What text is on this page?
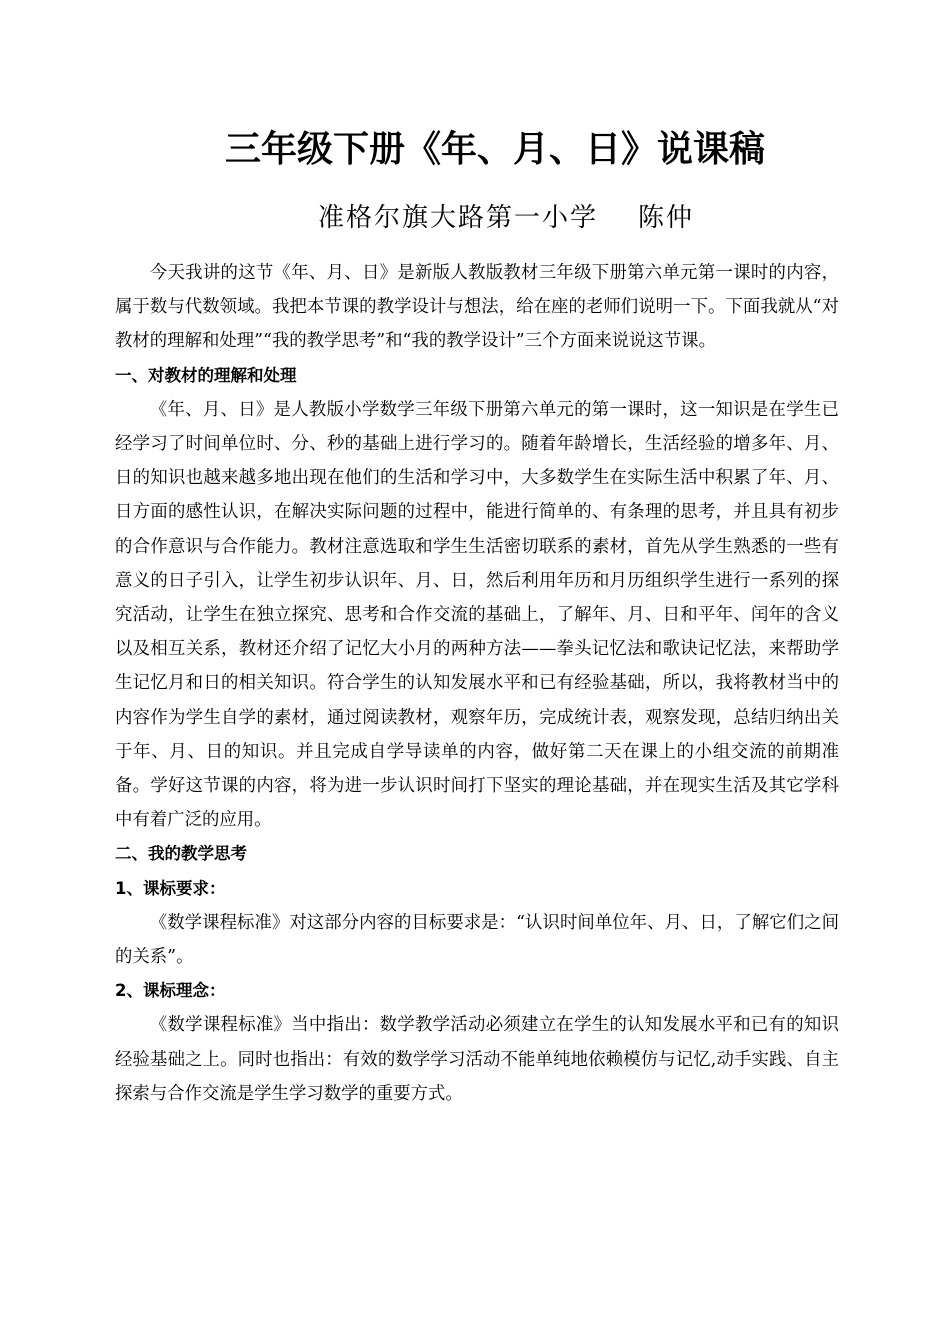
三年级下册《年、月、日》说课稿
准格尔旗大路第一小学 陈仲

今天我讲的这节《年、月、日》是新版人教版教材三年级下册第六单元第一课时的内容，属于数与代数领域。我把本节课的教学设计与想法，给在座的老师们说明一下。下面我就从“对教材的理解和处理”“我的教学思考”和“我的教学设计”三个方面来说说这节课。

一、对教材的理解和处理

《年、月、日》是人教版小学数学三年级下册第六单元的第一课时，这一知识是在学生已经学习了时间单位时、分、秒的基础上进行学习的。随着年龄增长，生活经验的增多年、月、日的知识也越来越多地出现在他们的生活和学习中，大多数学生在实际生活中积累了年、月、日方面的感性认识，在解决实际问题的过程中，能进行简单的、有条理的思考，并且具有初步的合作意识与合作能力。教材注意选取和学生生活密切联系的素材，首先从学生熟悉的一些有意义的日子引入，让学生初步认识年、月、日，然后利用年历和月历组织学生进行一系列的探究活动，让学生在独立探究、思考和合作交流的基础上，了解年、月、日和平年、闰年的含义以及相互关系，教材还介绍了记忆大小月的两种方法——拳头记忆法和歌诀记忆法，来帮助学生记忆月和日的相关知识。符合学生的认知发展水平和已有经验基础，所以，我将教材当中的内容作为学生自学的素材，通过阅读教材，观察年历，完成统计表，观察发现，总结归纳出关于年、月、日的知识。并且完成自学导读单的内容，做好第二天在课上的小组交流的前期准备。学好这节课的内容，将为进一步认识时间打下坚实的理论基础，并在现实生活及其它学科中有着广泛的应用。

二、我的教学思考

1、课标要求：

《数学课程标准》对这部分内容的目标要求是：“认识时间单位年、月、日，了解它们之间的关系”。

2、课标理念：

《数学课程标准》当中指出：数学教学活动必须建立在学生的认知发展水平和已有的知识经验基础之上。同时也指出：有效的数学学习活动不能单纯地依赖模仿与记忆,动手实践、自主探索与合作交流是学生学习数学的重要方式。
